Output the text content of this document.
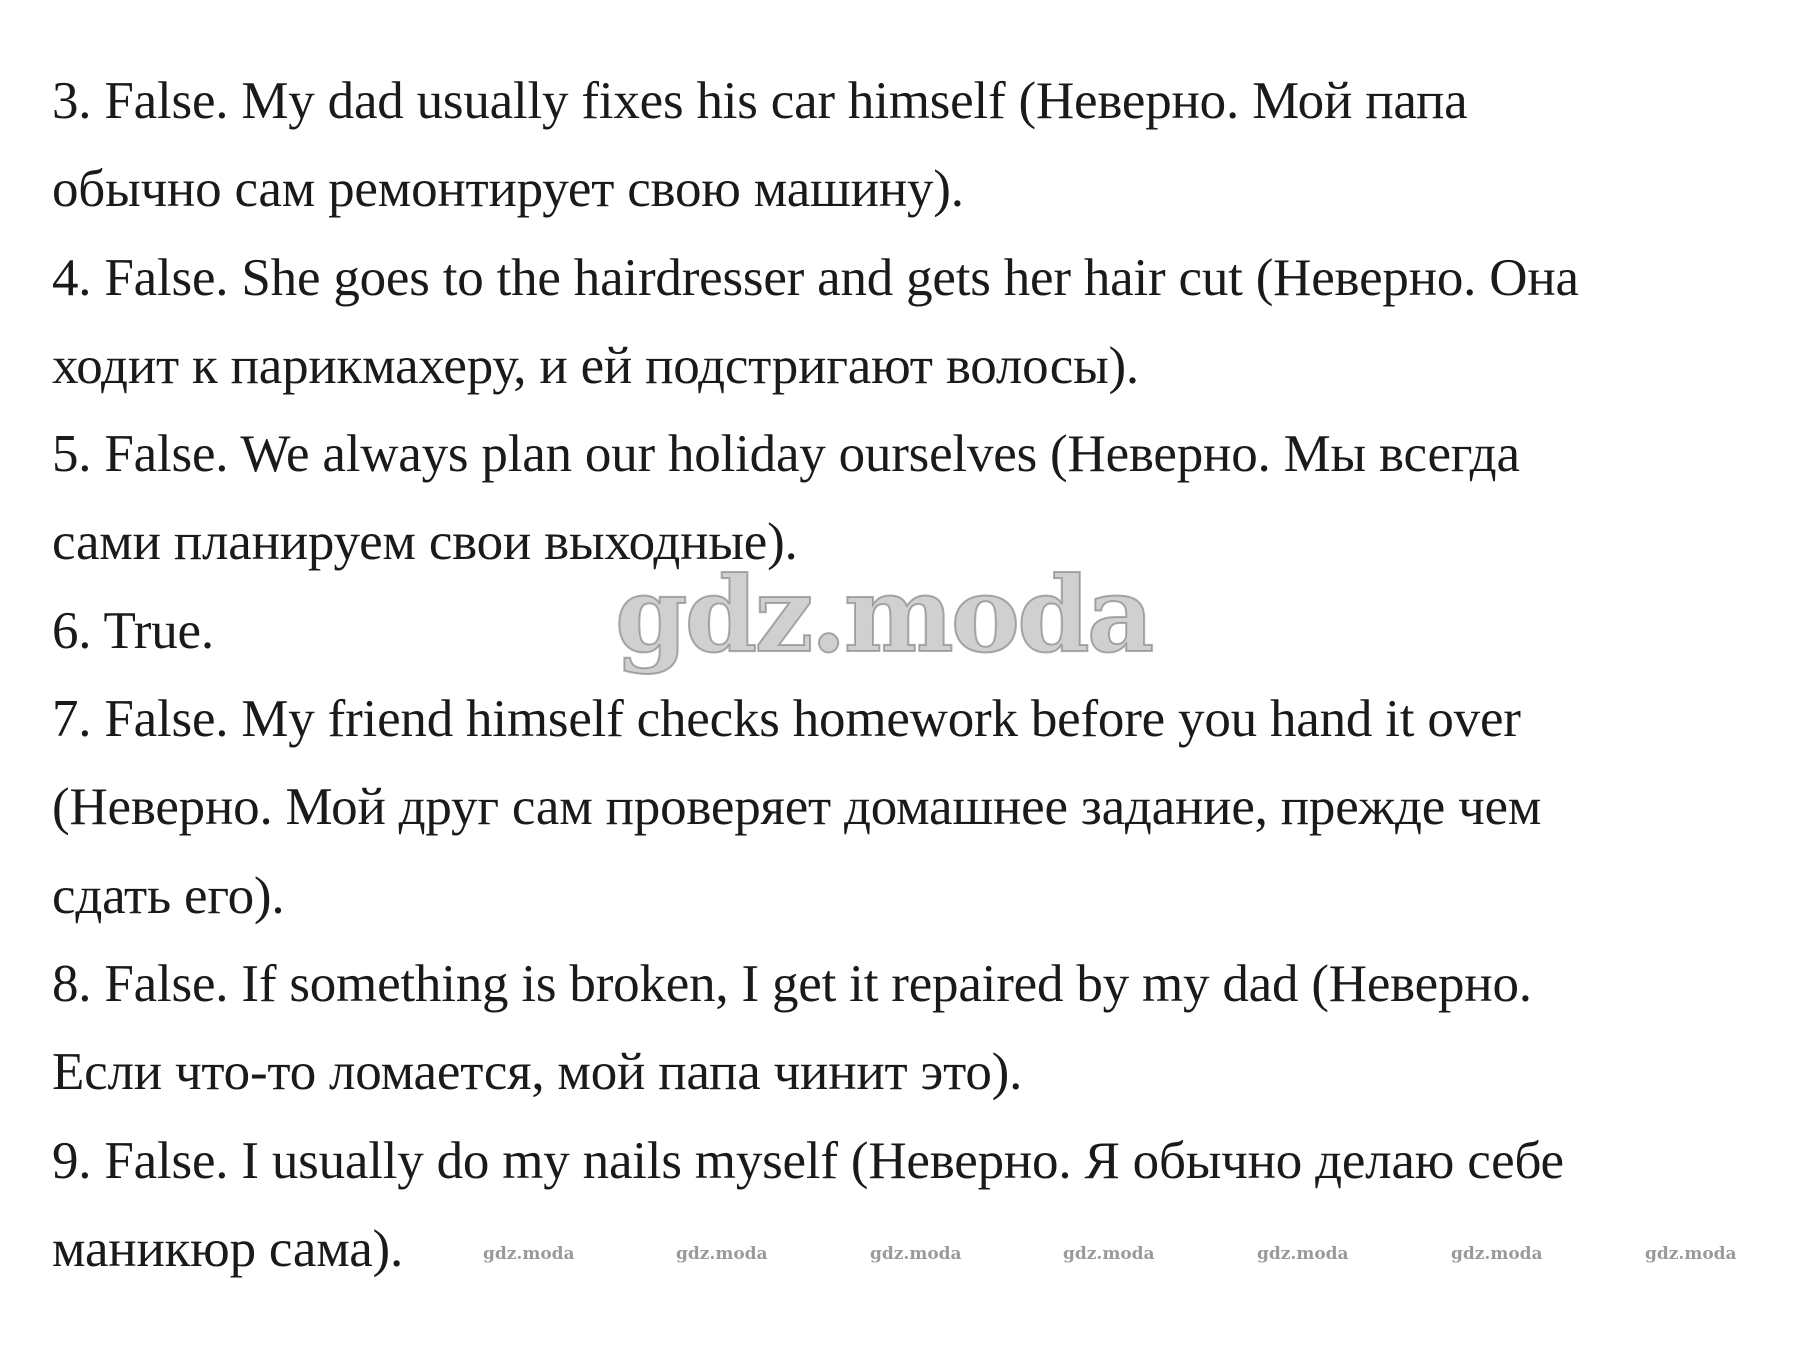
3. False. My dad usually fixes his car himself (Неверно. Мой папа
обычно сам ремонтирует свою машину).
4. False. She goes to the hairdresser and gets her hair cut (Неверно. Она
ходит к парикмахеру, и ей подстригают волосы).
5. False. We always plan our holiday ourselves (Неверно. Мы всегда
сами планируем свои выходные).
6. True.
7. False. My friend himself checks homework before you hand it over
(Неверно. Мой друг сам проверяет домашнее задание, прежде чем
сдать его).
8. False. If something is broken, I get it repaired by my dad (Неверно.
Если что-то ломается, мой папа чинит это).
9. False. I usually do my nails myself (Неверно. Я обычно делаю себе
маникюр сама).
gdz.moda
gdz.moda	gdz.moda	gdz.moda	gdz.moda	gdz.moda	gdz.moda	gdz.moda
